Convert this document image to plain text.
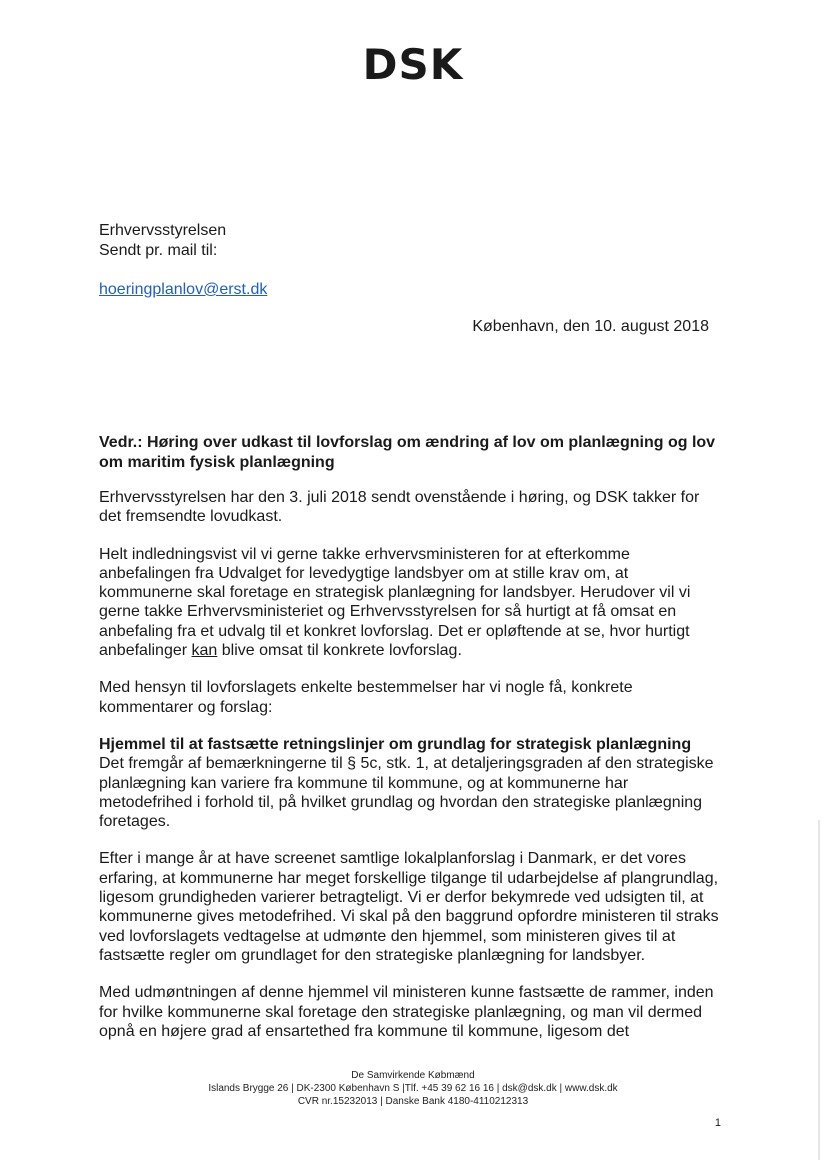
DSK
Erhvervsstyrelsen
Sendt pr. mail til:
hoeringplanlov@erst.dk
København, den 10. august 2018
Vedr.: Høring over udkast til lovforslag om ændring af lov om planlægning og lov om maritim fysisk planlægning

Erhvervsstyrelsen har den 3. juli 2018 sendt ovenstående i høring, og DSK takker for det fremsendte lovudkast.

Helt indledningsvist vil vi gerne takke erhvervsministeren for at efterkomme anbefalingen fra Udvalget for levedygtige landsbyer om at stille krav om, at kommunerne skal foretage en strategisk planlægning for landsbyer. Herudover vil vi gerne takke Erhvervsministeriet og Erhvervsstyrelsen for så hurtigt at få omsat en anbefaling fra et udvalg til et konkret lovforslag. Det er opløftende at se, hvor hurtigt anbefalinger kan blive omsat til konkrete lovforslag.

Med hensyn til lovforslagets enkelte bestemmelser har vi nogle få, konkrete kommentarer og forslag:

Hjemmel til at fastsætte retningslinjer om grundlag for strategisk planlægning

Det fremgår af bemærkningerne til § 5c, stk. 1, at detaljeringsgraden af den strategiske planlægning kan variere fra kommune til kommune, og at kommunerne har metodefrihed i forhold til, på hvilket grundlag og hvordan den strategiske planlægning foretages.

Efter i mange år at have screenet samtlige lokalplanforslag i Danmark, er det vores erfaring, at kommunerne har meget forskellige tilgange til udarbejdelse af plangrundlag, ligesom grundigheden varierer betragteligt. Vi er derfor bekymrede ved udsigten til, at kommunerne gives metodefrihed. Vi skal på den baggrund opfordre ministeren til straks ved lovforslagets vedtagelse at udmønte den hjemmel, som ministeren gives til at fastsætte regler om grundlaget for den strategiske planlægning for landsbyer.

Med udmøntningen af denne hjemmel vil ministeren kunne fastsætte de rammer, inden for hvilke kommunerne skal foretage den strategiske planlægning, og man vil dermed opnå en højere grad af ensartethed fra kommune til kommune, ligesom det

De Samvirkende Købmænd
Islands Brygge 26 | DK-2300 København S |Tlf. +45 39 62 16 16 | dsk@dsk.dk | www.dsk.dk
CVR nr.15232013 | Danske Bank 4180-4110212313
1
